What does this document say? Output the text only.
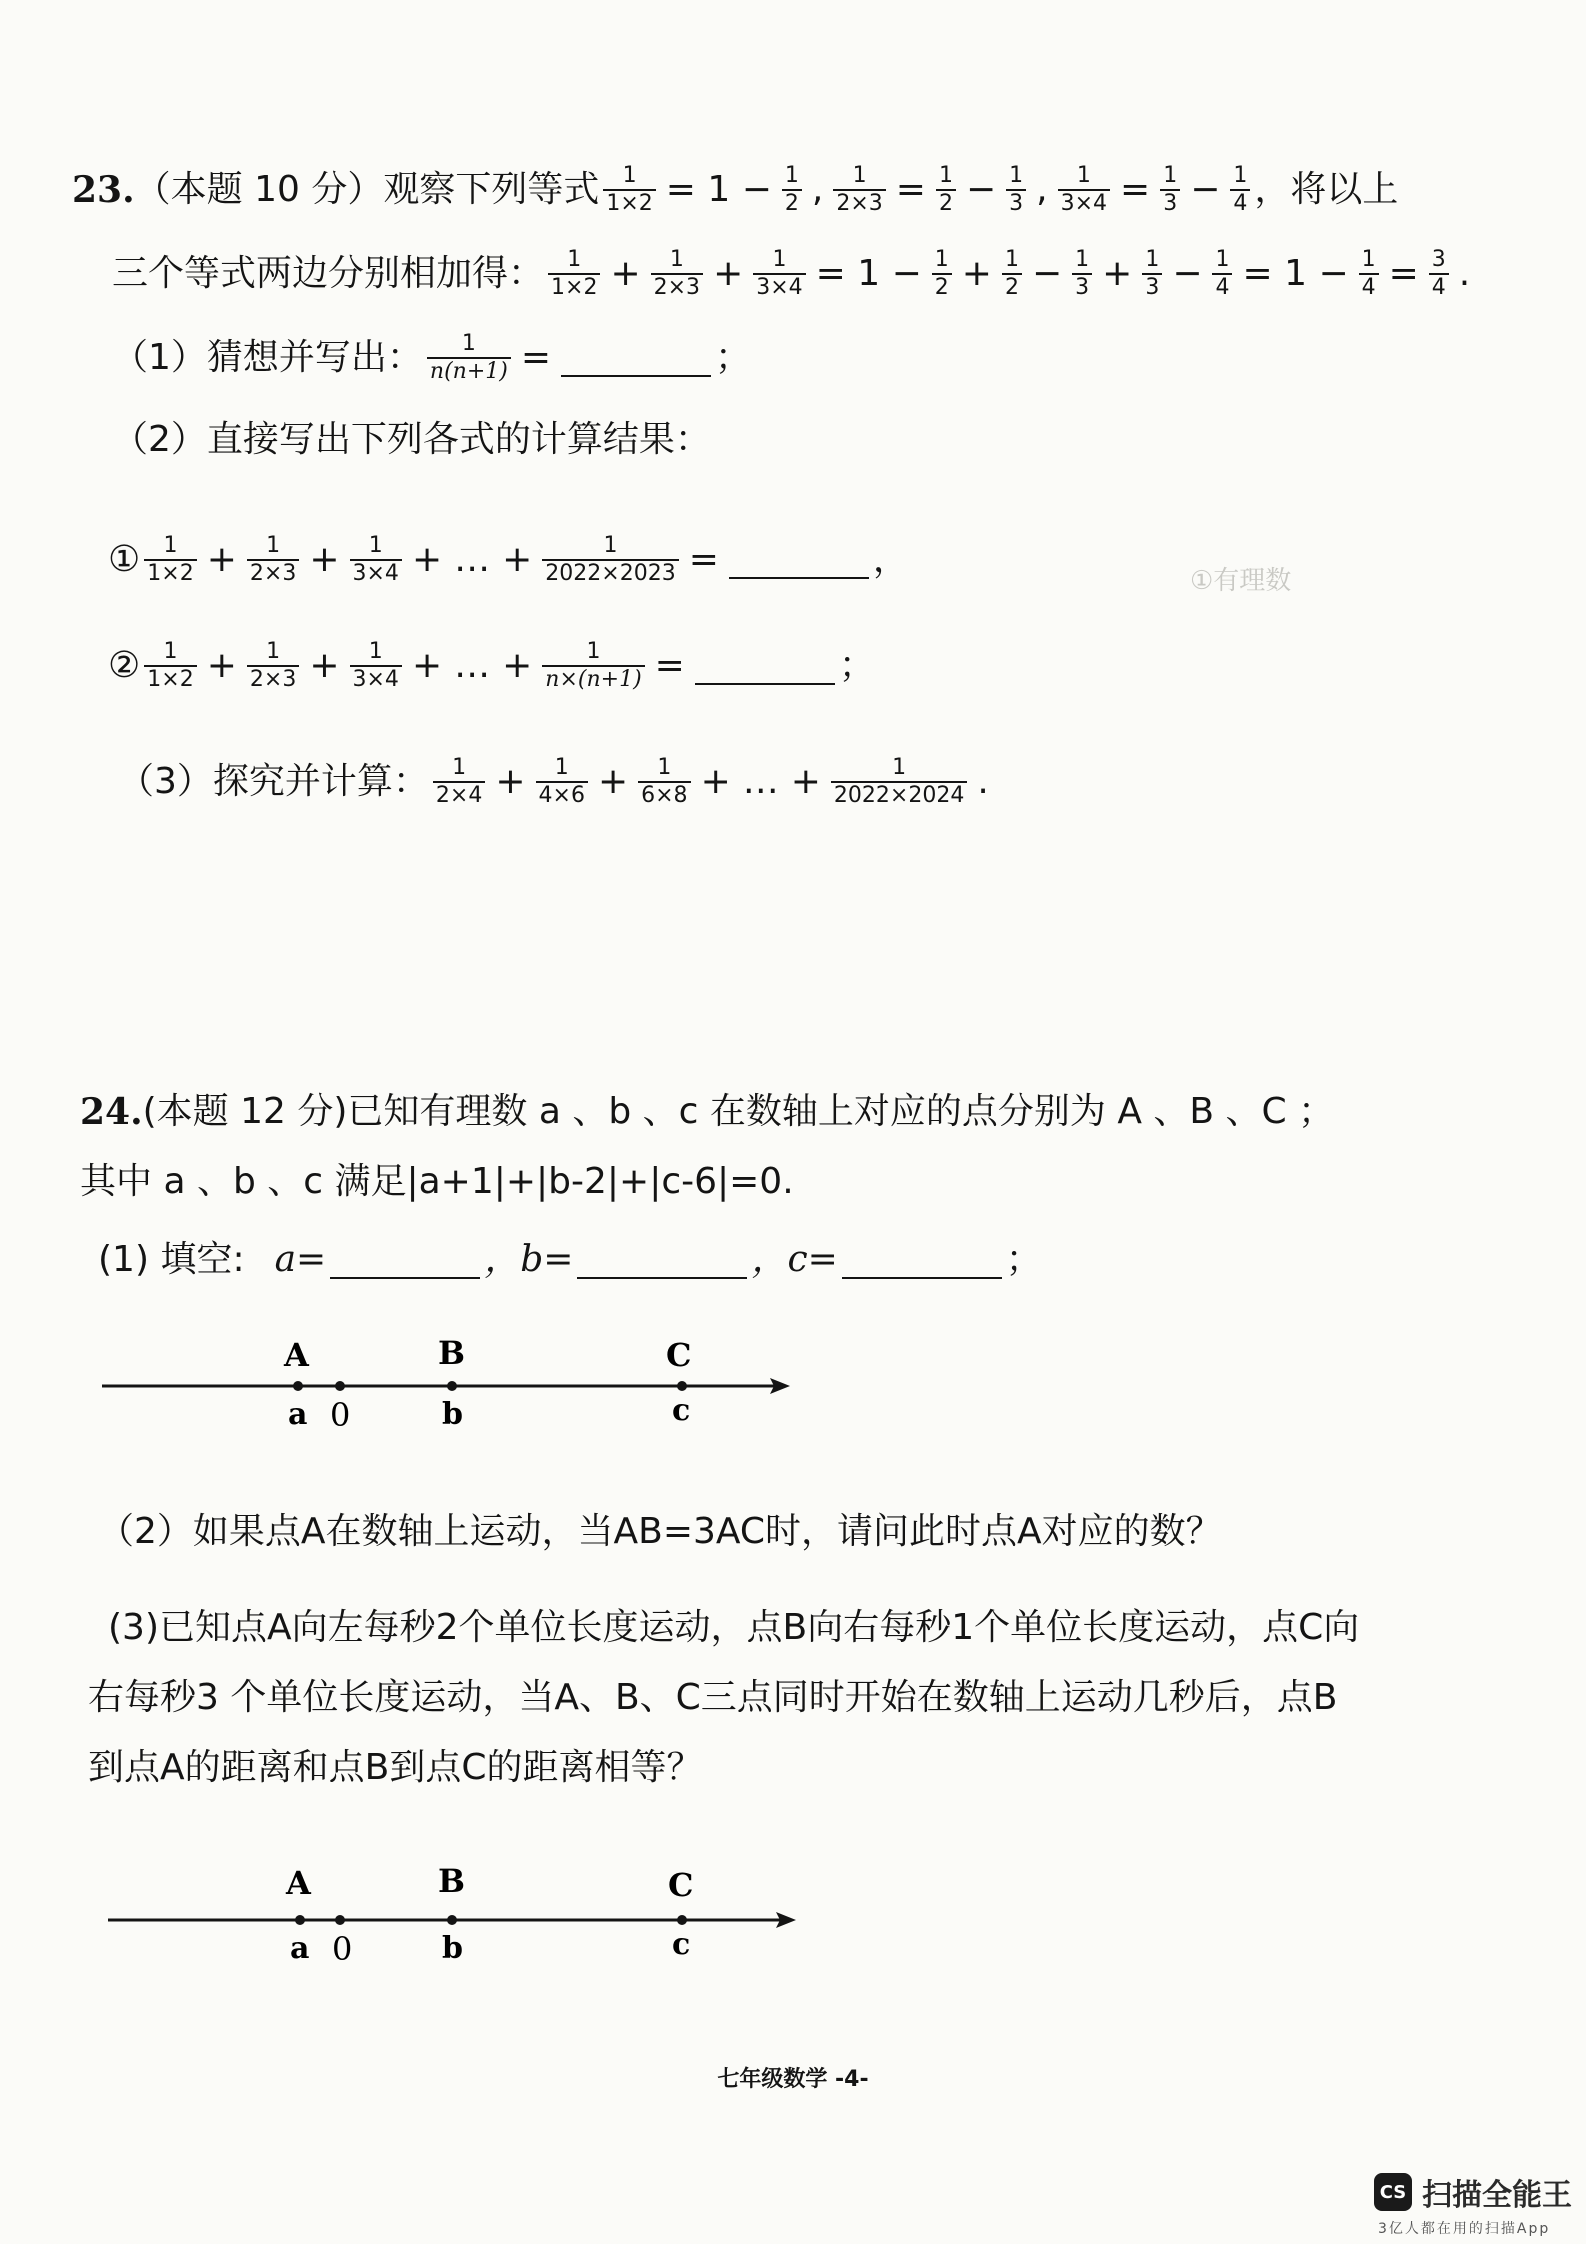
①有理数
23. （本题 10 分）观察下列等式 $\frac{1}{1\times 2} = 1 - \frac{1}{2}$ , $\frac{1}{2\times 3} = \frac{1}{2} - \frac{1}{3}$ , $\frac{1}{3\times 4} = \frac{1}{3} - \frac{1}{4}$ ，将以上
三个等式两边分别相加得： $\frac{1}{1\times 2} + \frac{1}{2\times 3} + \frac{1}{3\times 4} = 1 - \frac{1}{2} + \frac{1}{2} - \frac{1}{3} + \frac{1}{3} - \frac{1}{4} = 1 - \frac{1}{4} = \frac{3}{4}$ .
（1）猜想并写出： $\frac{1}{n(n+1)}$ =	；
（2）直接写出下列各式的计算结果：
① $\frac{1}{1\times 2} + \frac{1}{2\times 3} + \frac{1}{3\times 4}$ + … + $\frac{1}{2022\times 2023}$ =	，
② $\frac{1}{1\times 2} + \frac{1}{2\times 3} + \frac{1}{3\times 4}$ + … + $\frac{1}{n\times(n+1)}$ =	；
（3）探究并计算： $\frac{1}{2\times 4} + \frac{1}{4\times 6} + \frac{1}{6\times 8}$ + … + $\frac{1}{2022\times 2024}$ .
24. (本题 12 分)已知有理数 a 、b 、c 在数轴上对应的点分别为 A 、B 、C ；
其中 a 、b 、c 满足|a+1|+|b-2|+|c-6|=0.
(1) 填空: a=	，b=	，c=	；
A	B	C
a 0	b	c
（2）如果点A在数轴上运动，当AB=3AC时，请问此时点A对应的数？
(3)已知点A向左每秒2个单位长度运动，点B向右每秒1个单位长度运动，点C向
右每秒3 个单位长度运动，当A、B、C三点同时开始在数轴上运动几秒后，点B
到点A的距离和点B到点C的距离相等？
A	B	C
a 0	b	c
七年级数学 -4-
CS 扫描全能王
3亿人都在用的扫描App
